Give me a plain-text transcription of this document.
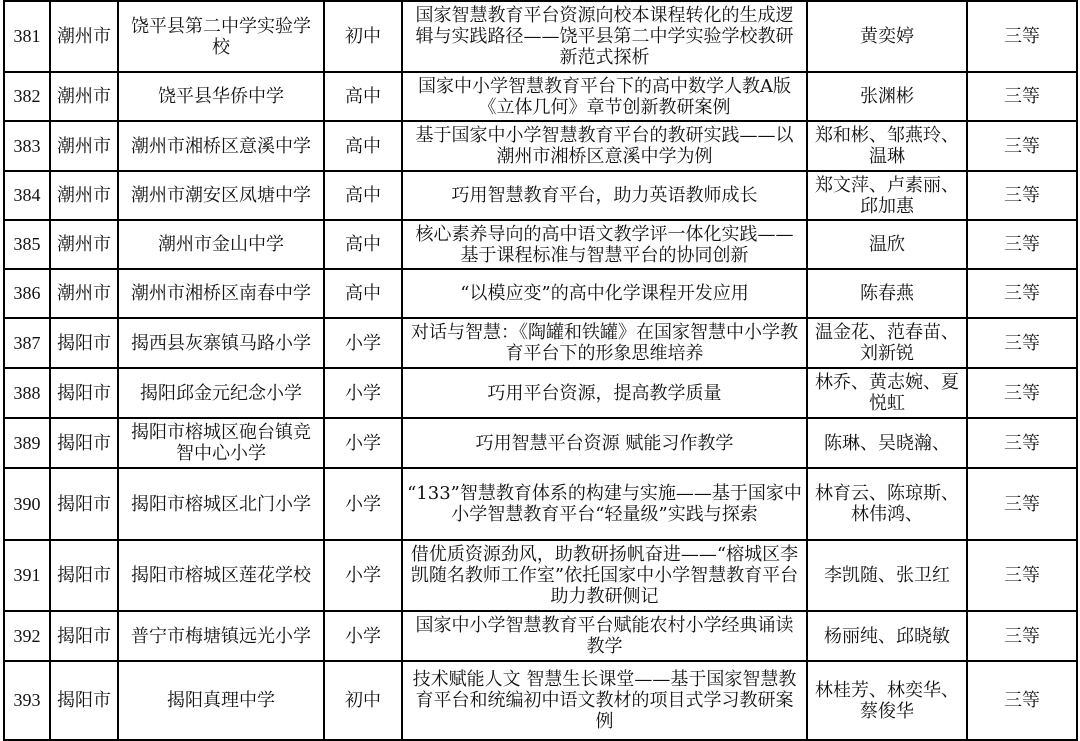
381	潮州市	饶平县第二中学实验学校	初中	国家智慧教育平台资源向校本课程转化的生成逻辑与实践路径——饶平县第二中学实验学校教研新范式探析	黄奕婷	三等
382	潮州市	饶平县华侨中学	高中	国家中小学智慧教育平台下的高中数学人教A版《立体几何》章节创新教研案例	张渊彬	三等
383	潮州市	潮州市湘桥区意溪中学	高中	基于国家中小学智慧教育平台的教研实践——以潮州市湘桥区意溪中学为例	郑和彬、邹燕玲、温琳	三等
384	潮州市	潮州市潮安区凤塘中学	高中	巧用智慧教育平台，助力英语教师成长	郑文萍、卢素丽、邱加惠	三等
385	潮州市	潮州市金山中学	高中	核心素养导向的高中语文教学评一体化实践——基于课程标准与智慧平台的协同创新	温欣	三等
386	潮州市	潮州市湘桥区南春中学	高中	“以模应变”的高中化学课程开发应用	陈春燕	三等
387	揭阳市	揭西县灰寨镇马路小学	小学	对话与智慧：《陶罐和铁罐》在国家智慧中小学教育平台下的形象思维培养	温金花、范春苗、刘新锐	三等
388	揭阳市	揭阳邱金元纪念小学	小学	巧用平台资源，提高教学质量	林乔、黄志婉、夏悦虹	三等
389	揭阳市	揭阳市榕城区砲台镇竞智中心小学	小学	巧用智慧平台资源 赋能习作教学	陈琳、吴晓瀚、	三等
390	揭阳市	揭阳市榕城区北门小学	小学	“133”智慧教育体系的构建与实施——基于国家中小学智慧教育平台“轻量级”实践与探索	林育云、陈琼斯、林伟鸿、	三等
391	揭阳市	揭阳市榕城区莲花学校	小学	借优质资源劲风，助教研扬帆奋进——“榕城区李凯随名教师工作室”依托国家中小学智慧教育平台助力教研侧记	李凯随、张卫红	三等
392	揭阳市	普宁市梅塘镇远光小学	小学	国家中小学智慧教育平台赋能农村小学经典诵读教学	杨丽纯、邱晓敏	三等
393	揭阳市	揭阳真理中学	初中	技术赋能人文 智慧生长课堂——基于国家智慧教育平台和统编初中语文教材的项目式学习教研案例	林桂芳、林奕华、蔡俊华	三等
